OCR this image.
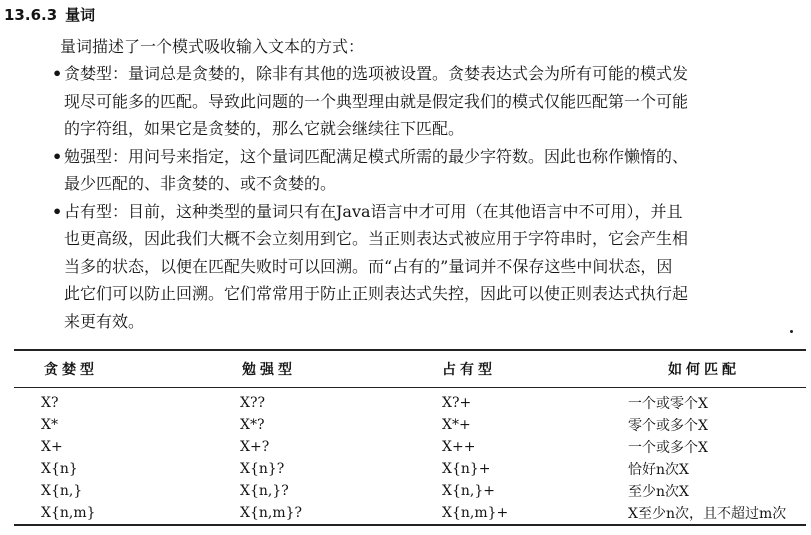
13.6.3 量词
量词描述了一个模式吸收输入文本的方式：
• 贪婪型：量词总是贪婪的，除非有其他的选项被设置。贪婪表达式会为所有可能的模式发
现尽可能多的匹配。导致此问题的一个典型理由就是假定我们的模式仅能匹配第一个可能
的字符组，如果它是贪婪的，那么它就会继续往下匹配。
• 勉强型：用问号来指定，这个量词匹配满足模式所需的最少字符数。因此也称作懒惰的、
最少匹配的、非贪婪的、或不贪婪的。
• 占有型：目前，这种类型的量词只有在Java语言中才可用（在其他语言中不可用），并且
也更高级，因此我们大概不会立刻用到它。当正则表达式被应用于字符串时，它会产生相
当多的状态，以便在匹配失败时可以回溯。而“占有的”量词并不保存这些中间状态，因
此它们可以防止回溯。它们常常用于防止正则表达式失控，因此可以使正则表达式执行起
来更有效。
贪婪型	勉强型	占有型	如何匹配
X?	X??	X?+	一个或零个X
X*	X*?	X*+	零个或多个X
X+	X+?	X++	一个或多个X
X{n}	X{n}?	X{n}+	恰好n次X
X{n,}	X{n,}?	X{n,}+	至少n次X
X{n,m}	X{n,m}?	X{n,m}+	X至少n次，且不超过m次
